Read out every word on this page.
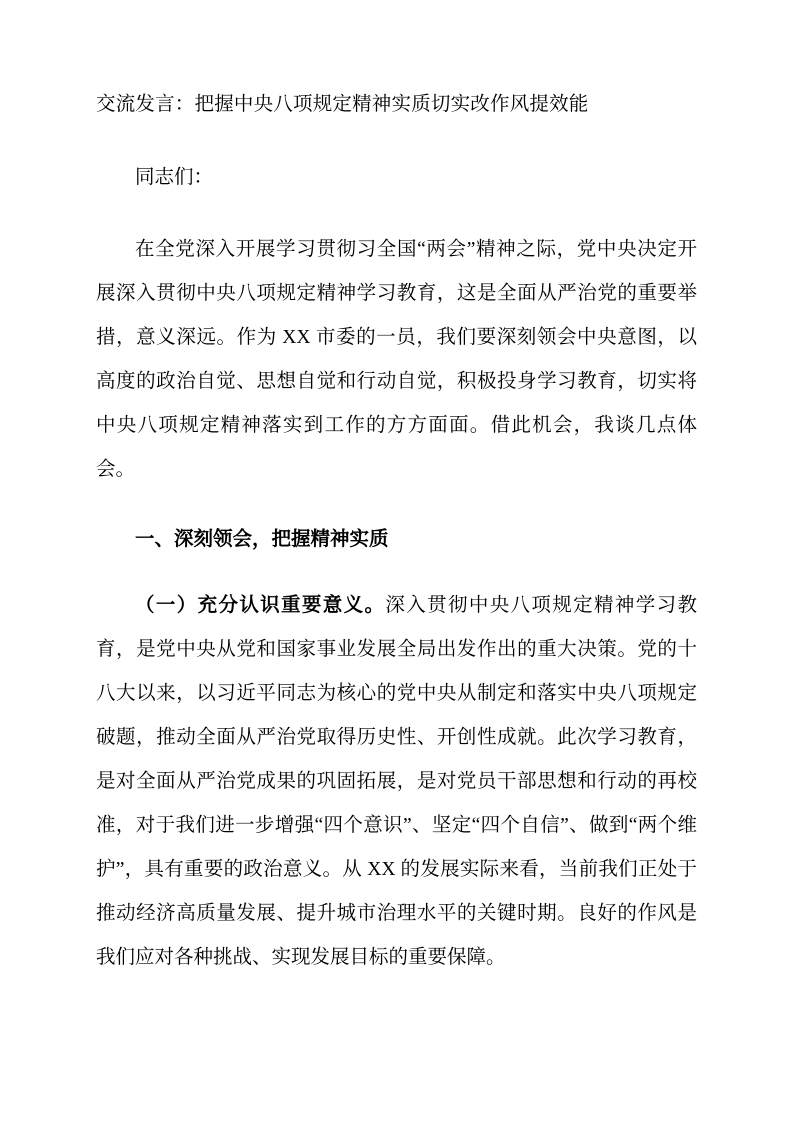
交流发言：把握中央八项规定精神实质切实改作风提效能
同志们：

在全党深入开展学习贯彻习全国“两会”精神之际，党中央决定开展深入贯彻中央八项规定精神学习教育，这是全面从严治党的重要举措，意义深远。作为 XX 市委的一员，我们要深刻领会中央意图，以高度的政治自觉、思想自觉和行动自觉，积极投身学习教育，切实将中央八项规定精神落实到工作的方方面面。借此机会，我谈几点体会。

一、深刻领会，把握精神实质

（一）充分认识重要意义。深入贯彻中央八项规定精神学习教育，是党中央从党和国家事业发展全局出发作出的重大决策。党的十八大以来，以习近平同志为核心的党中央从制定和落实中央八项规定破题，推动全面从严治党取得历史性、开创性成就。此次学习教育，是对全面从严治党成果的巩固拓展，是对党员干部思想和行动的再校准，对于我们进一步增强“四个意识”、坚定“四个自信”、做到“两个维护”，具有重要的政治意义。从 XX 的发展实际来看，当前我们正处于推动经济高质量发展、提升城市治理水平的关键时期。良好的作风是我们应对各种挑战、实现发展目标的重要保障。
